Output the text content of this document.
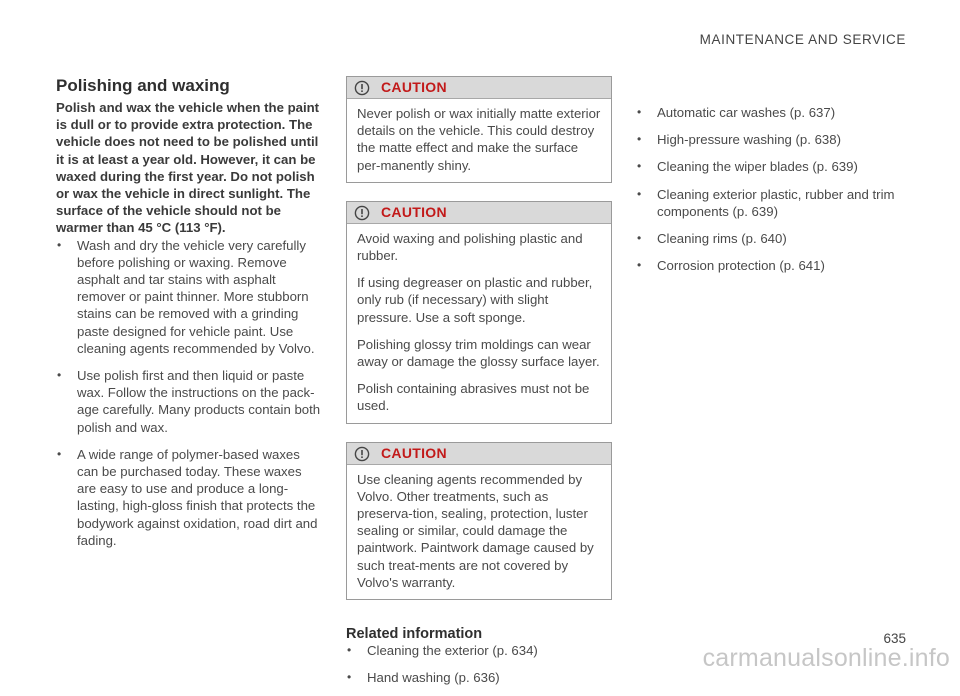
MAINTENANCE AND SERVICE
Polishing and waxing

Polish and wax the vehicle when the paint is dull or to provide extra protection. The vehicle does not need to be polished until it is at least a year old. However, it can be waxed during the first year. Do not polish or wax the vehicle in direct sunlight. The surface of the vehicle should not be warmer than 45 °C (113 °F).

• Wash and dry the vehicle very carefully before polishing or waxing. Remove asphalt and tar stains with asphalt remover or paint thinner. More stubborn stains can be removed with a grinding paste designed for vehicle paint. Use cleaning agents recommended by Volvo.
• Use polish first and then liquid or paste wax. Follow the instructions on the pack-age carefully. Many products contain both polish and wax.
• A wide range of polymer-based waxes can be purchased today. These waxes are easy to use and produce a long-lasting, high-gloss finish that protects the bodywork against oxidation, road dirt and fading.
CAUTION

Never polish or wax initially matte exterior details on the vehicle. This could destroy the matte effect and make the surface per-manently shiny.

CAUTION

Avoid waxing and polishing plastic and rubber.

If using degreaser on plastic and rubber, only rub (if necessary) with slight pressure. Use a soft sponge.

Polishing glossy trim moldings can wear away or damage the glossy surface layer.

Polish containing abrasives must not be used.

CAUTION

Use cleaning agents recommended by Volvo. Other treatments, such as preserva-tion, sealing, protection, luster sealing or similar, could damage the paintwork. Paintwork damage caused by such treat-ments are not covered by Volvo's warranty.

Related information
• Cleaning the exterior (p. 634)
• Hand washing (p. 636)
• Automatic car washes (p. 637)
• High-pressure washing (p. 638)
• Cleaning the wiper blades (p. 639)
• Cleaning exterior plastic, rubber and trim components (p. 639)
• Cleaning rims (p. 640)
• Corrosion protection (p. 641)
635
carmanualsonline.info
